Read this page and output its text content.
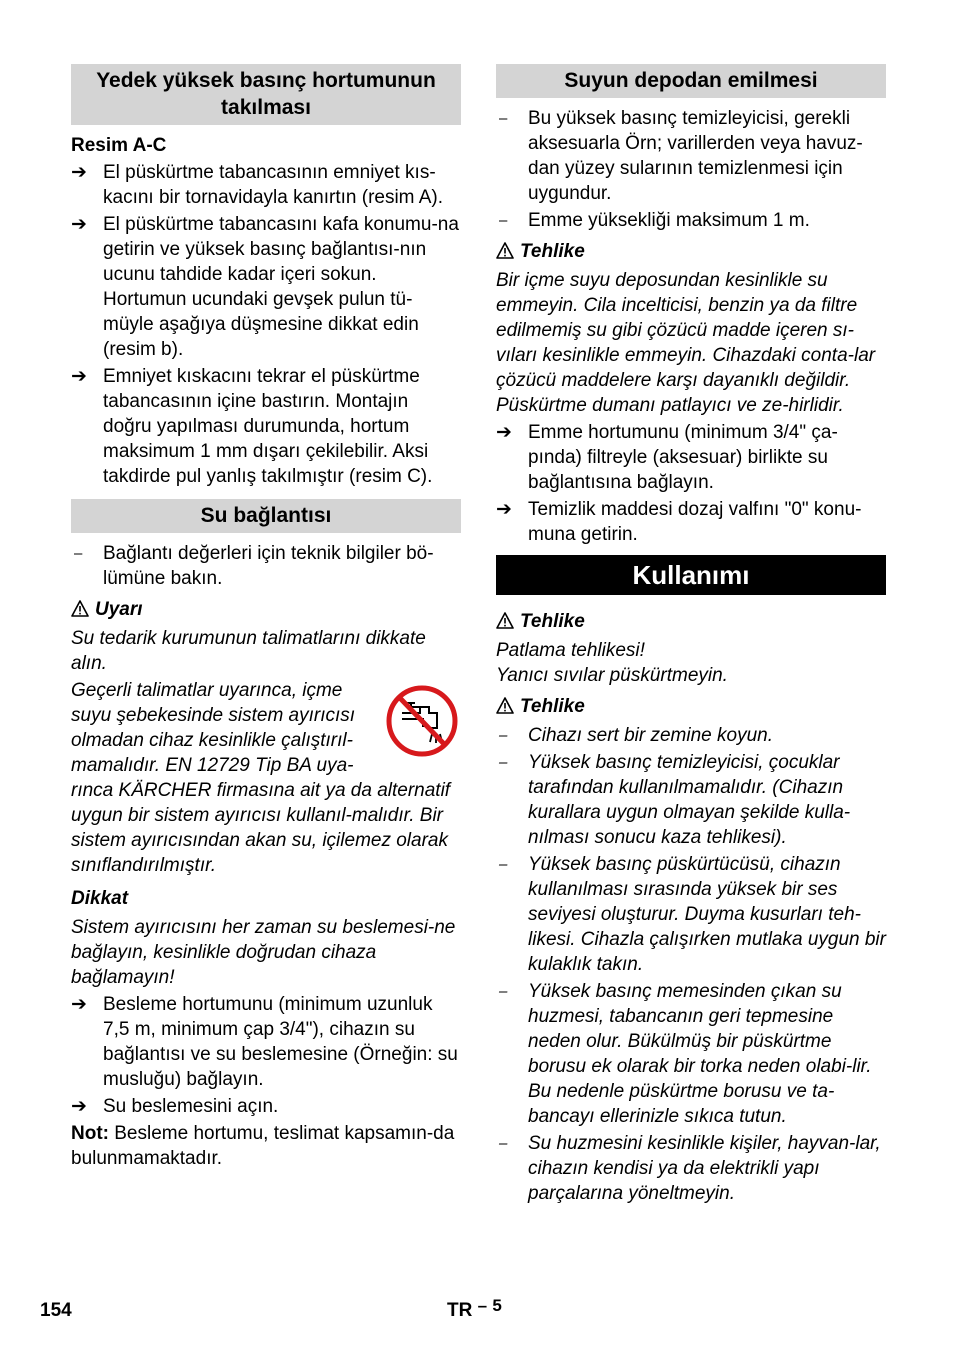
Yedek yüksek basınç hortumunun takılması
Resim A-C
➔ El püskürtme tabancasının emniyet kıs-kacını bir tornavidayla kanırtın (resim A).
➔ El püskürtme tabancasını kafa konumu-na getirin ve yüksek basınç bağlantısı-nın ucunu tahdide kadar içeri sokun. Hortumun ucundaki gevşek pulun tü-müyle aşağıya düşmesine dikkat edin (resim b).
➔ Emniyet kıskacını tekrar el püskürtme tabancasının içine bastırın. Montajın doğru yapılması durumunda, hortum maksimum 1 mm dışarı çekilebilir. Aksi takdirde pul yanlış takılmıştır (resim C).
Su bağlantısı
–	Bağlantı değerleri için teknik bilgiler bö-lümüne bakın.
Uyarı
Su tedarik kurumunun talimatlarını dikkate alın.
Geçerli talimatlar uyarınca, içme suyu şebekesinde sistem ayırıcısı olmadan cihaz kesinlikle çalıştırıl-mamalıdır. EN 12729 Tip BA uya-rınca KÄRCHER firmasına ait ya da alternatif uygun bir sistem ayırıcısı kullanıl-malıdır. Bir sistem ayırıcısından akan su, içilemez olarak sınıflandırılmıştır.
Dikkat
Sistem ayırıcısını her zaman su beslemesi-ne bağlayın, kesinlikle doğrudan cihaza bağlamayın!
➔ Besleme hortumunu (minimum uzunluk 7,5 m, minimum çap 3/4"), cihazın su bağlantısı ve su beslemesine (Örneğin: su musluğu) bağlayın.
➔ Su beslemesini açın.
Not: Besleme hortumu, teslimat kapsamın-da bulunmamaktadır.
Suyun depodan emilmesi
–	Bu yüksek basınç temizleyicisi, gerekli aksesuarla Örn; varillerden veya havuz-dan yüzey sularının temizlenmesi için uygundur.
–	Emme yüksekliği maksimum 1 m.
Tehlike
Bir içme suyu deposundan kesinlikle su emmeyin. Cila incelticisi, benzin ya da filtre edilmemiş su gibi çözücü madde içeren sı-vıları kesinlikle emmeyin. Cihazdaki conta-lar çözücü maddelere karşı dayanıklı değildir. Püskürtme dumanı patlayıcı ve ze-hirlidir.
➔ Emme hortumunu (minimum 3/4" ça-pında) filtreyle (aksesuar) birlikte su bağlantısına bağlayın.
➔ Temizlik maddesi dozaj valfını "0" konu-muna getirin.
Kullanımı
Tehlike
Patlama tehlikesi!
Yanıcı sıvılar püskürtmeyin.
Tehlike
–	Cihazı sert bir zemine koyun.
–	Yüksek basınç temizleyicisi, çocuklar tarafından kullanılmamalıdır. (Cihazın kurallara uygun olmayan şekilde kulla-nılması sonucu kaza tehlikesi).
–	Yüksek basınç püskürtücüsü, cihazın kullanılması sırasında yüksek bir ses seviyesi oluşturur. Duyma kusurları teh-likesi. Cihazla çalışırken mutlaka uygun bir kulaklık takın.
–	Yüksek basınç memesinden çıkan su huzmesi, tabancanın geri tepmesine neden olur. Bükülmüş bir püskürtme borusu ek olarak bir torka neden olabi-lir. Bu nedenle püskürtme borusu ve ta-bancayı ellerinizle sıkıca tutun.
–	Su huzmesini kesinlikle kişiler, hayvan-lar, cihazın kendisi ya da elektrikli yapı parçalarına yöneltmeyin.
154	TR – 5
